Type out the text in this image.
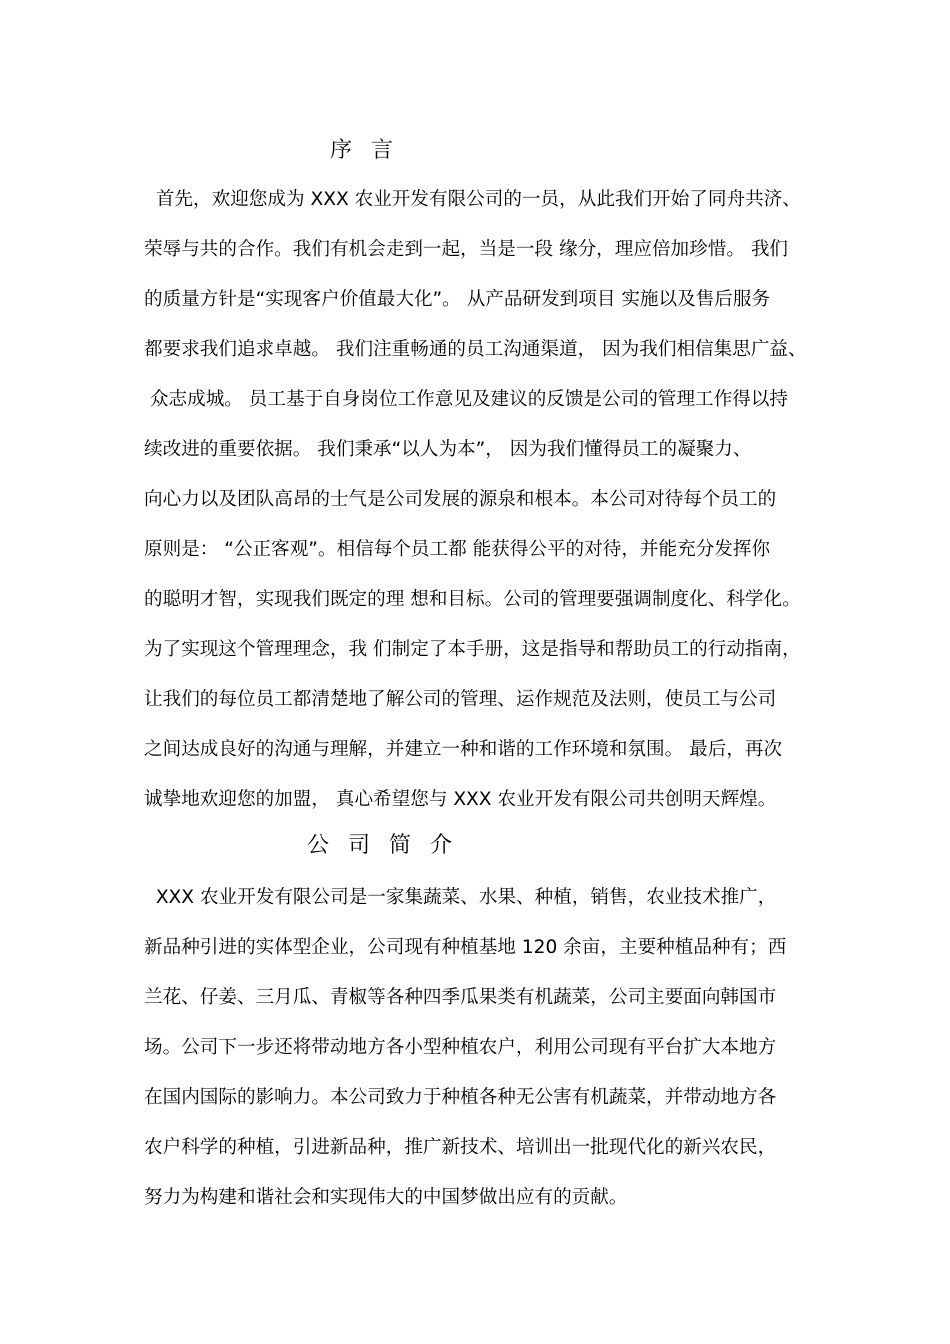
序 言

首先，欢迎您成为 XXX 农业开发有限公司的一员，从此我们开始了同舟共济、

荣辱与共的合作。我们有机会走到一起，当是一段 缘分，理应倍加珍惜。 我们

的质量方针是“实现客户价值最大化”。 从产品研发到项目 实施以及售后服务

都要求我们追求卓越。 我们注重畅通的员工沟通渠道， 因为我们相信集思广益、

众志成城。 员工基于自身岗位工作意见及建议的反馈是公司的管理工作得以持

续改进的重要依据。 我们秉承“以人为本”， 因为我们懂得员工的凝聚力、

向心力以及团队高昂的士气是公司发展的源泉和根本。本公司对待每个员工的

原则是： “公正客观”。相信每个员工都 能获得公平的对待，并能充分发挥你

的聪明才智，实现我们既定的理 想和目标。公司的管理要强调制度化、科学化。

为了实现这个管理理念，我 们制定了本手册，这是指导和帮助员工的行动指南，

让我们的每位员工都清楚地了解公司的管理、运作规范及法则，使员工与公司

之间达成良好的沟通与理解，并建立一种和谐的工作环境和氛围。 最后，再次

诚挚地欢迎您的加盟， 真心希望您与 XXX 农业开发有限公司共创明天辉煌。

公 司 简 介

XXX 农业开发有限公司是一家集蔬菜、水果、种植，销售，农业技术推广，

新品种引进的实体型企业，公司现有种植基地 120 余亩，主要种植品种有；西

兰花、仔姜、三月瓜、青椒等各种四季瓜果类有机蔬菜，公司主要面向韩国市

场。公司下一步还将带动地方各小型种植农户，利用公司现有平台扩大本地方

在国内国际的影响力。本公司致力于种植各种无公害有机蔬菜，并带动地方各

农户科学的种植，引进新品种，推广新技术、培训出一批现代化的新兴农民，

努力为构建和谐社会和实现伟大的中国梦做出应有的贡献。
